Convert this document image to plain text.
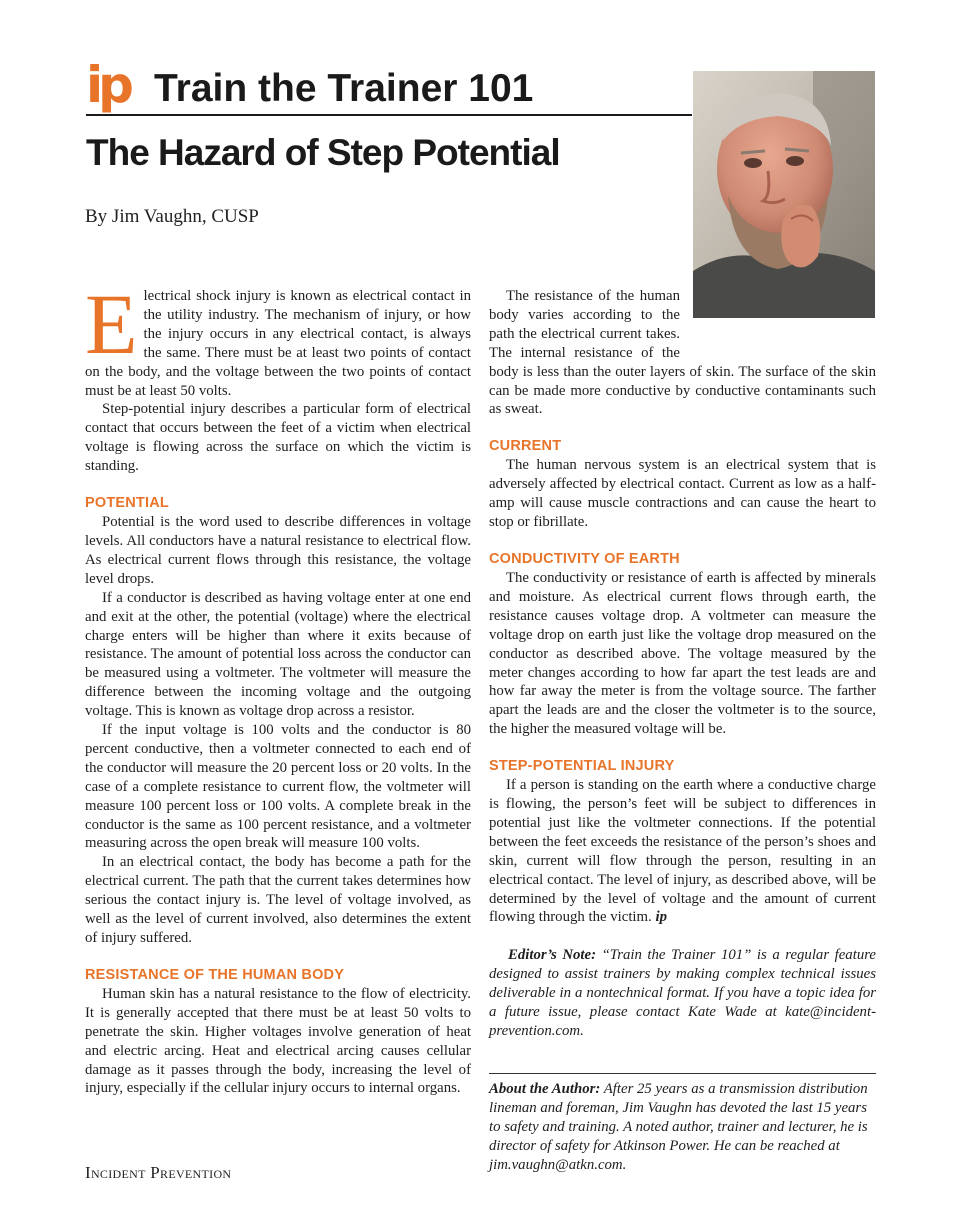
ip Train the Trainer 101
The Hazard of Step Potential
By Jim Vaughn, CUSP

Electrical shock injury is known as electrical contact in the utility industry. The mechanism of injury, or how the injury occurs in any electrical contact, is always the same. There must be at least two points of contact on the body, and the voltage between the two points of contact must be at least 50 volts.

Step-potential injury describes a particular form of electrical contact that occurs between the feet of a victim when electrical voltage is flowing across the surface on which the victim is standing.

POTENTIAL

Potential is the word used to describe differences in voltage levels. All conductors have a natural resistance to electrical flow. As electrical current flows through this resistance, the voltage level drops.

If a conductor is described as having voltage enter at one end and exit at the other, the potential (voltage) where the electrical charge enters will be higher than where it exits because of resistance. The amount of potential loss across the conductor can be measured using a voltmeter. The voltmeter will measure the difference between the incoming voltage and the outgoing voltage. This is known as voltage drop across a resistor.

If the input voltage is 100 volts and the conductor is 80 percent conductive, then a voltmeter connected to each end of the conductor will measure the 20 percent loss or 20 volts. In the case of a complete resistance to current flow, the voltmeter will measure 100 percent loss or 100 volts. A complete break in the conductor is the same as 100 percent resistance, and a voltmeter measuring across the open break will measure 100 volts.

In an electrical contact, the body has become a path for the electrical current. The path that the current takes determines how serious the contact injury is. The level of voltage involved, as well as the level of current involved, also determines the extent of injury suffered.

RESISTANCE OF THE HUMAN BODY

Human skin has a natural resistance to the flow of electricity. It is generally accepted that there must be at least 50 volts to penetrate the skin. Higher voltages involve generation of heat and electric arcing. Heat and electrical arcing causes cellular damage as it passes through the body, increasing the level of injury, especially if the cellular injury occurs to internal organs.

The resistance of the human body varies according to the path the electrical current takes. The internal resistance of the body is less than the outer layers of skin. The surface of the skin can be made more conductive by conductive contaminants such as sweat.

CURRENT

The human nervous system is an electrical system that is adversely affected by electrical contact. Current as low as a half-amp will cause muscle contractions and can cause the heart to stop or fibrillate.

CONDUCTIVITY OF EARTH

The conductivity or resistance of earth is affected by minerals and moisture. As electrical current flows through earth, the resistance causes voltage drop. A voltmeter can measure the voltage drop on earth just like the voltage drop measured on the conductor as described above. The voltage measured by the meter changes according to how far apart the test leads are and how far away the meter is from the voltage source. The farther apart the leads are and the closer the voltmeter is to the source, the higher the measured voltage will be.

STEP-POTENTIAL INJURY

If a person is standing on the earth where a conductive charge is flowing, the person’s feet will be subject to differences in potential just like the voltmeter connections. If the potential between the feet exceeds the resistance of the person’s shoes and skin, current will flow through the person, resulting in an electrical contact. The level of injury, as described above, will be determined by the level of voltage and the amount of current flowing through the victim. ip

Editor’s Note: “Train the Trainer 101” is a regular feature designed to assist trainers by making complex technical issues deliverable in a nontechnical format. If you have a topic idea for a future issue, please contact Kate Wade at kate@incident-prevention.com.

About the Author: After 25 years as a transmission distribution lineman and foreman, Jim Vaughn has devoted the last 15 years to safety and training. A noted author, trainer and lecturer, he is director of safety for Atkinson Power. He can be reached at jim.vaughn@atkn.com.

Incident Prevention
